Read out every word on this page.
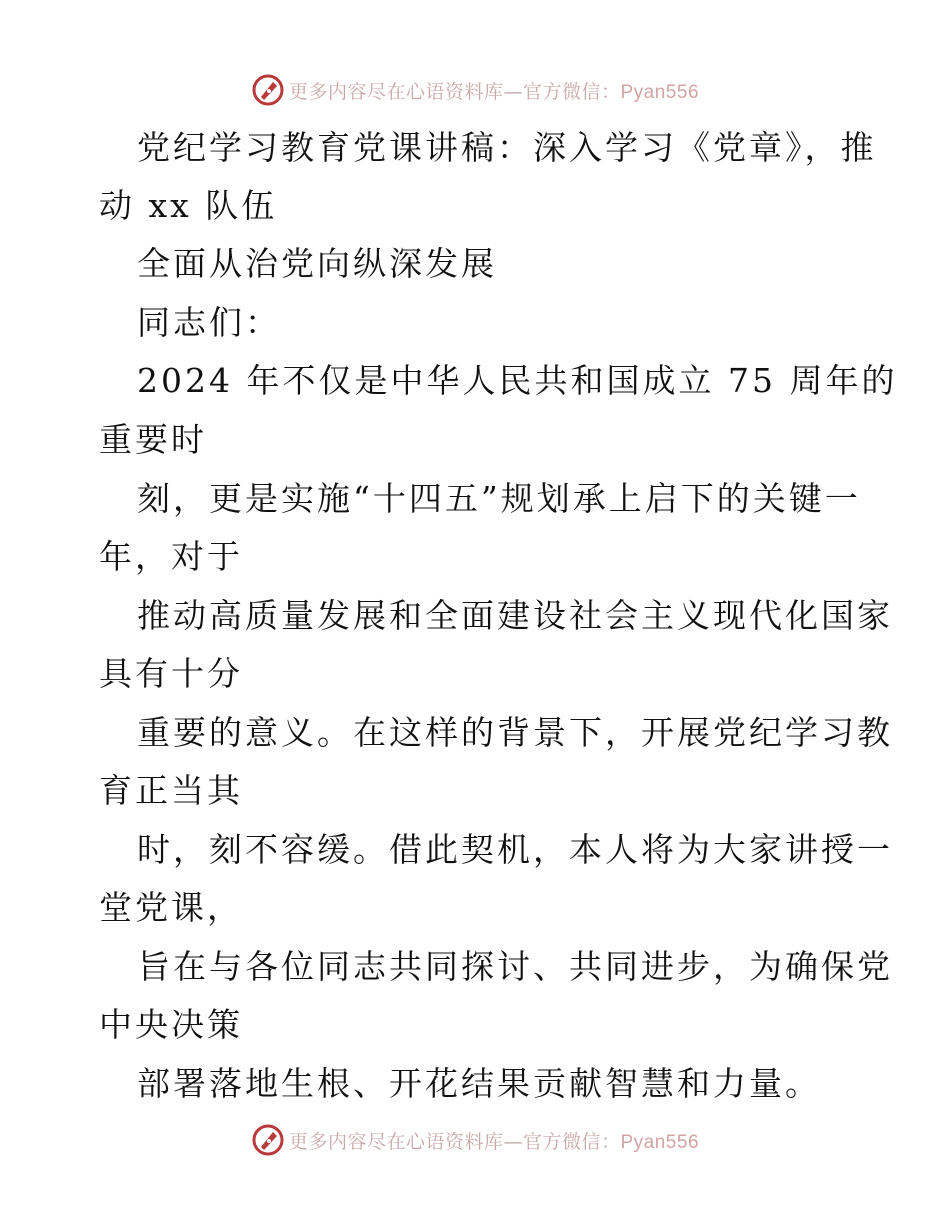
更多内容尽在心语资料库—官方微信：Pyan556
党纪学习教育党课讲稿：深入学习《党章》，推
动 xx 队伍
全面从治党向纵深发展
同志们：
2024 年不仅是中华人民共和国成立 75 周年的
重要时
刻，更是实施“十四五”规划承上启下的关键一
年，对于
推动高质量发展和全面建设社会主义现代化国家
具有十分
重要的意义。在这样的背景下，开展党纪学习教
育正当其
时，刻不容缓。借此契机，本人将为大家讲授一
堂党课，
旨在与各位同志共同探讨、共同进步，为确保党
中央决策
部署落地生根、开花结果贡献智慧和力量。
更多内容尽在心语资料库—官方微信：Pyan556
